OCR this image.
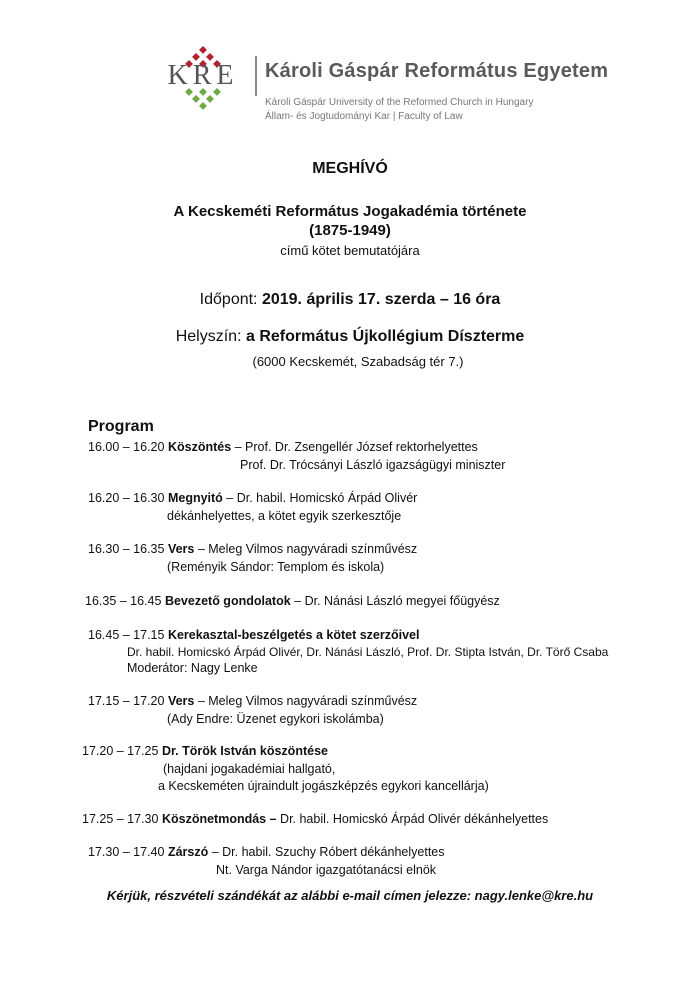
KRE	Károli Gáspár Református Egyetem
Károli Gáspár University of the Reformed Church in Hungary
Állam- és Jogtudományi Kar | Faculty of Law
MEGHÍVÓ
A Kecskeméti Református Jogakadémia története
(1875-1949)
című kötet bemutatójára
Időpont: 2019. április 17. szerda – 16 óra
Helyszín: a Református Újkollégium Díszterme
(6000 Kecskemét, Szabadság tér 7.)
Program
16.00 – 16.20 Köszöntés – Prof. Dr. Zsengellér József rektorhelyettes
Prof. Dr. Trócsányi László igazságügyi miniszter
16.20 – 16.30 Megnyitó – Dr. habil. Homicskó Árpád Olivér
dékánhelyettes, a kötet egyik szerkesztője
16.30 – 16.35 Vers – Meleg Vilmos nagyváradi színművész
(Reményik Sándor: Templom és iskola)
16.35 – 16.45 Bevezető gondolatok – Dr. Nánási László megyei főügyész
16.45 – 17.15 Kerekasztal-beszélgetés a kötet szerzőivel
Dr. habil. Homicskó Árpád Olivér, Dr. Nánási László, Prof. Dr. Stipta István, Dr. Törő Csaba
Moderátor: Nagy Lenke
17.15 – 17.20 Vers – Meleg Vilmos nagyváradi színművész
(Ady Endre: Üzenet egykori iskolámba)
17.20 – 17.25 Dr. Török István köszöntése
(hajdani jogakadémiai hallgató,
a Kecskeméten újraindult jogászképzés egykori kancellárja)
17.25 – 17.30 Köszönetmondás – Dr. habil. Homicskó Árpád Olivér dékánhelyettes
17.30 – 17.40 Zárszó – Dr. habil. Szuchy Róbert dékánhelyettes
Nt. Varga Nándor igazgatótanácsi elnök
Kérjük, részvételi szándékát az alábbi e-mail címen jelezze: nagy.lenke@kre.hu
